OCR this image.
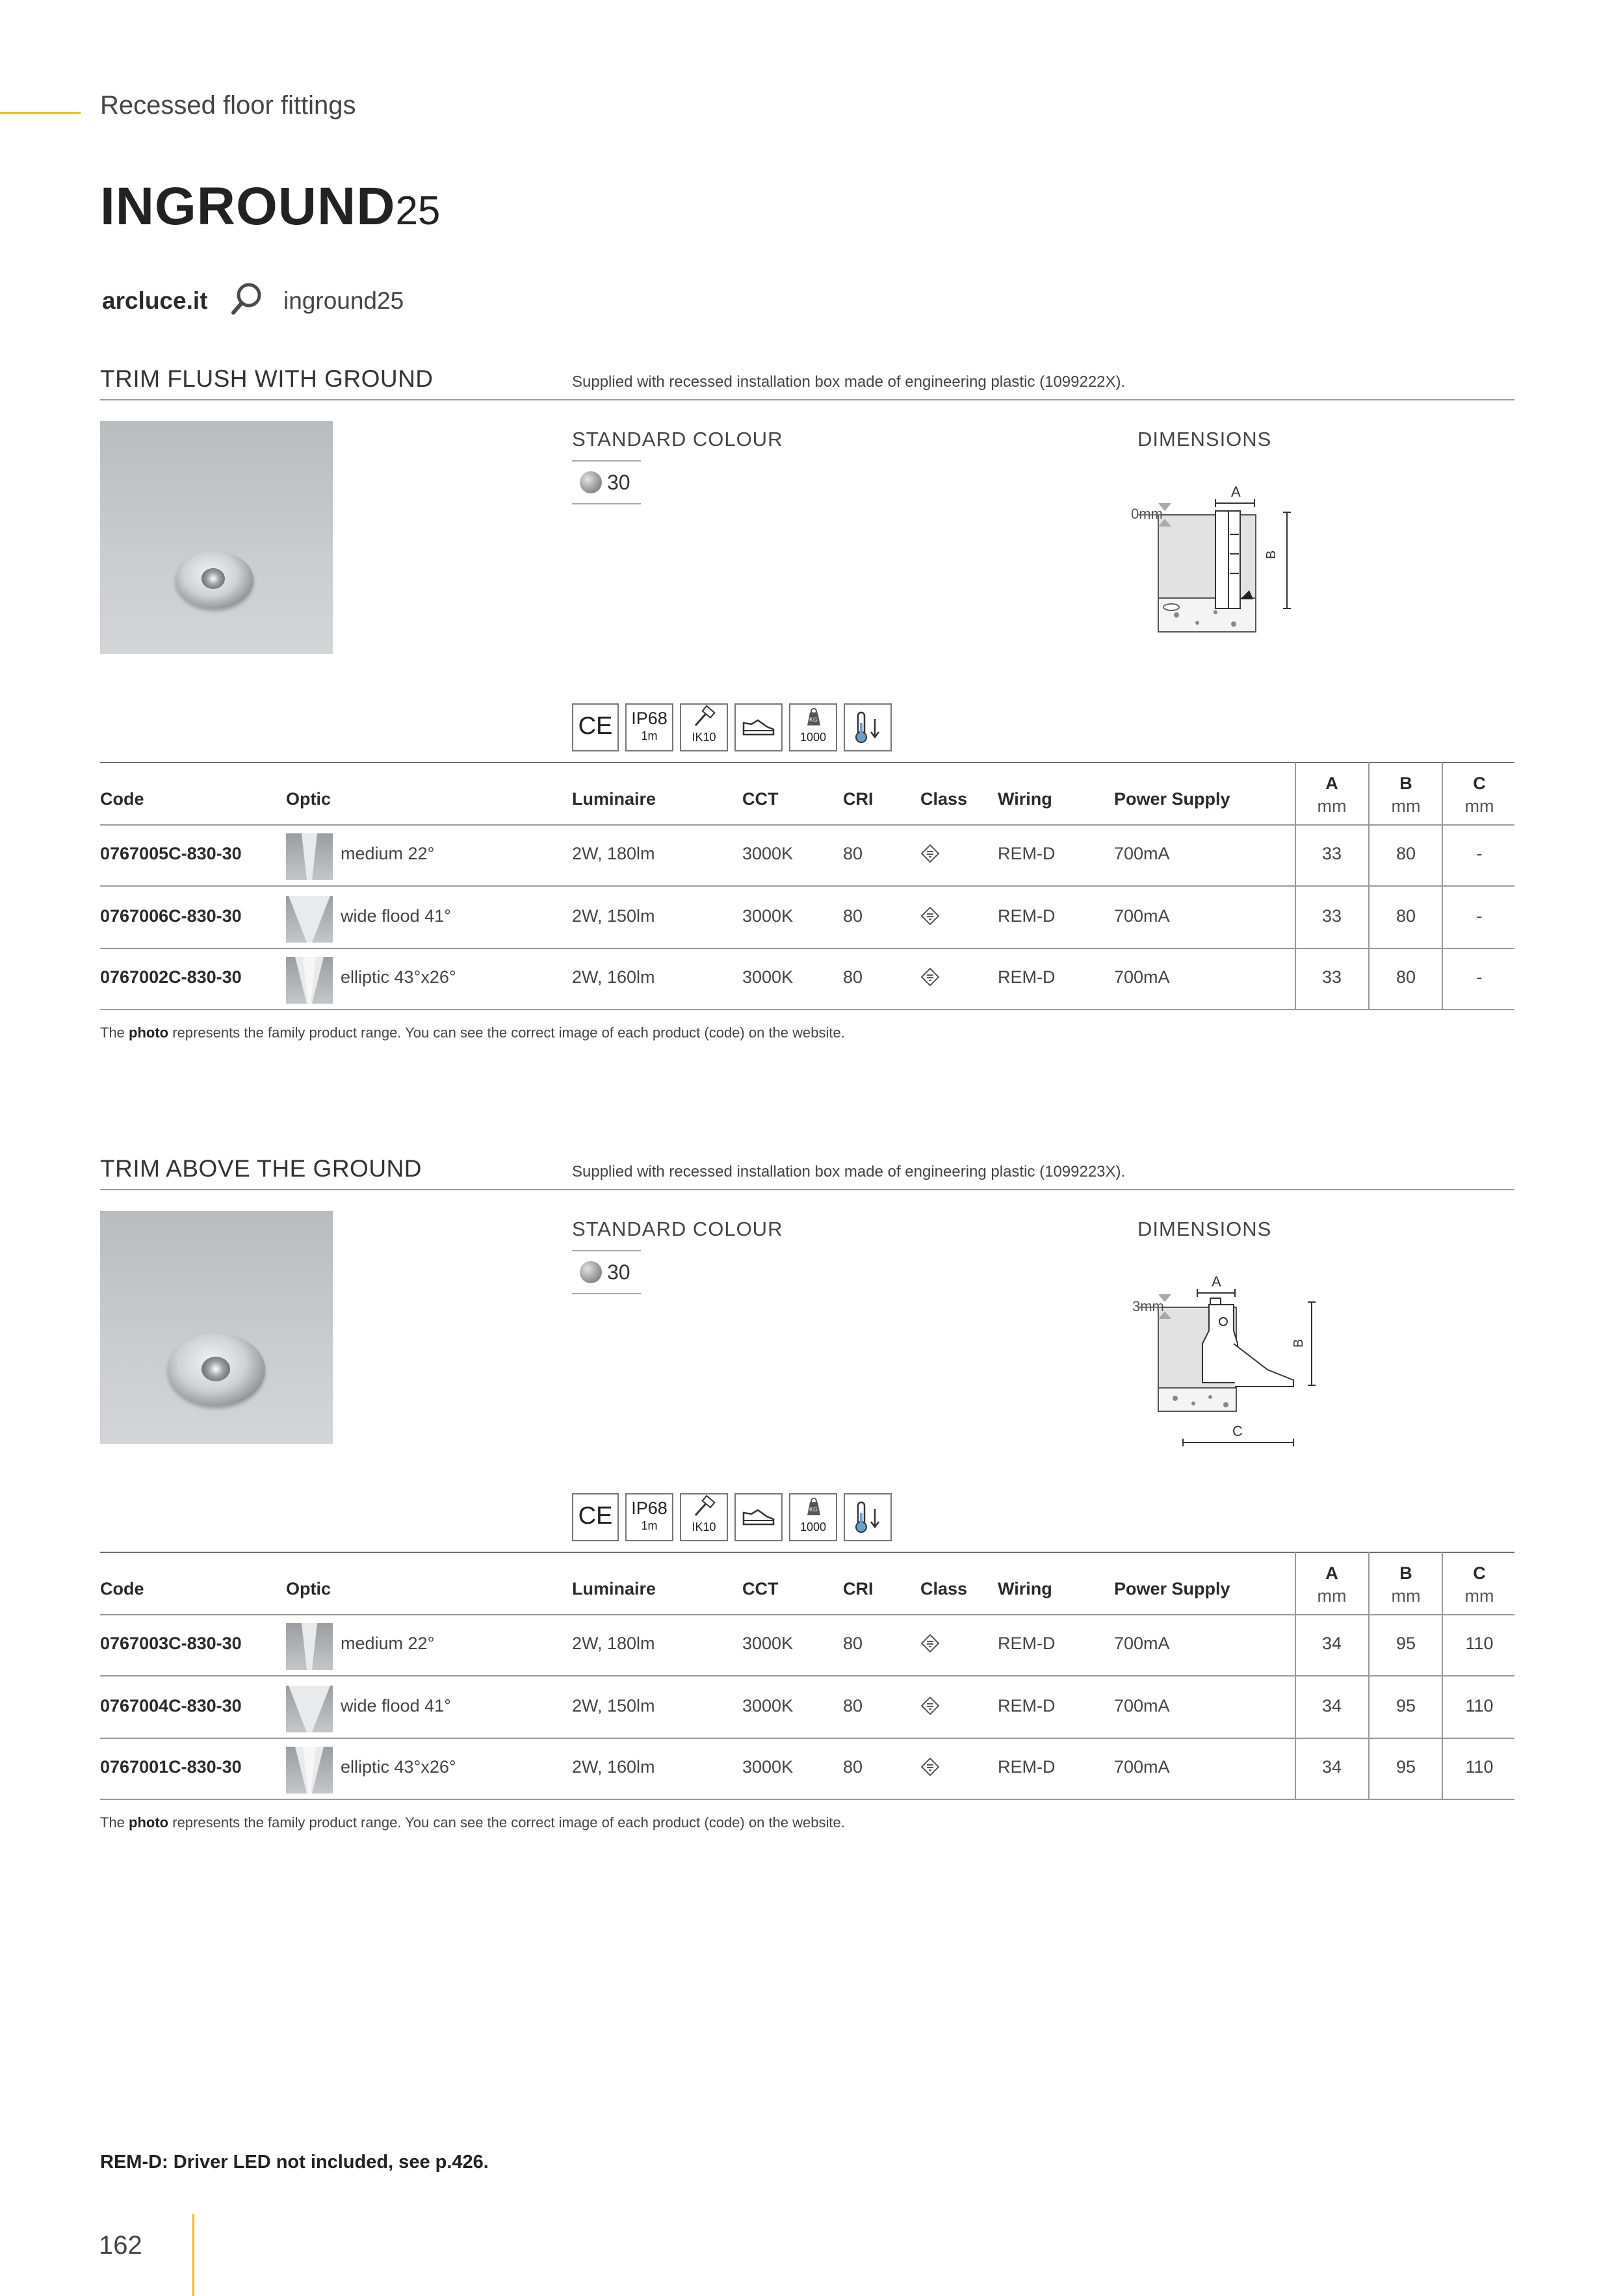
Recessed floor fittings
INGROUND25
arcluce.it	inground25
TRIM FLUSH WITH GROUND	Supplied with recessed installation box made of engineering plastic (1099222X).
STANDARD COLOUR
30
DIMENSIONS
0mm
A
B
CE IP68
1m	IK10
KG
1000
Code	Optic	Luminaire	CCT	CRI	Class Wiring	Power Supply
A
mm
B
mm
C
mm
0767005C-830-30	medium 22°	2W, 180lm	3000K	80	REM-D	700mA	33	80	-
0767006C-830-30	wide flood 41°	2W, 150lm	3000K	80	REM-D	700mA	33	80	-
0767002C-830-30	elliptic 43°x26°	2W, 160lm	3000K	80	REM-D	700mA	33	80	-
The photo represents the family product range. You can see the correct image of each product (code) on the website.
TRIM ABOVE THE GROUND	Supplied with recessed installation box made of engineering plastic (1099223X).
STANDARD COLOUR
30
DIMENSIONS
3mm
A
B
C
CE IP68
1m	IK10
KG
1000
Code	Optic	Luminaire	CCT	CRI	Class Wiring	Power Supply
A
mm
B
mm
C
mm
0767003C-830-30	medium 22°	2W, 180lm	3000K	80	REM-D	700mA	34	95	110
0767004C-830-30	wide flood 41°	2W, 150lm	3000K	80	REM-D	700mA	34	95	110
0767001C-830-30	elliptic 43°x26°	2W, 160lm	3000K	80	REM-D	700mA	34	95	110
The photo represents the family product range. You can see the correct image of each product (code) on the website.
REM-D: Driver LED not included, see p.426.
162
